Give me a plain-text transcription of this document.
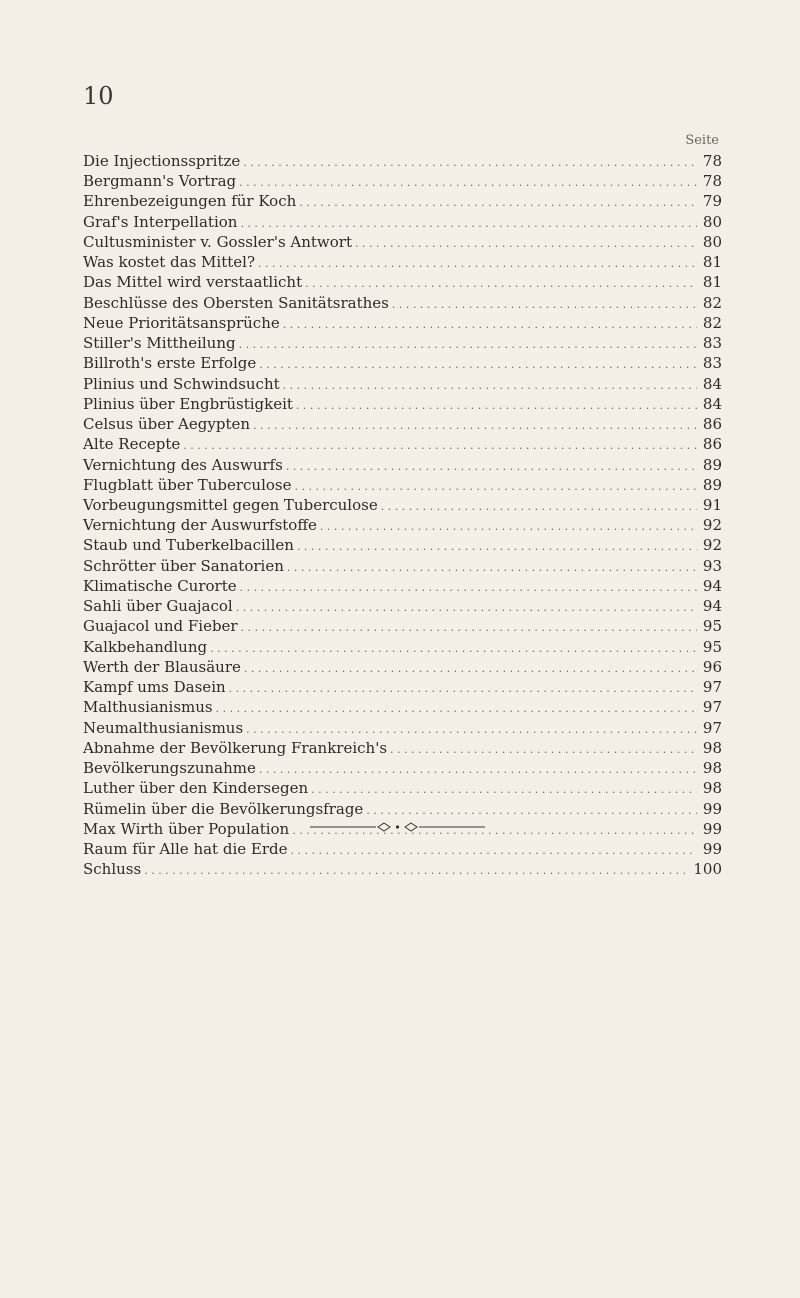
10
Seite
Die Injectionsspritze . . .	78
Bergmann's Vortrag . . .	78
Ehrenbezeigungen für Koch . . .	79
Graf's Interpellation . . .	80
Cultusminister v. Gossler's Antwort . . .	80
Was kostet das Mittel? . . .	81
Das Mittel wird verstaatlicht . . .	81
Beschlüsse des Obersten Sanitätsrathes . . .	82
Neue Prioritätsansprüche . . .	82
Stiller's Mittheilung . . .	83
Billroth's erste Erfolge . . .	83
Plinius und Schwindsucht . . .	84
Plinius über Engbrüstigkeit . . .	84
Celsus über Aegypten . . .	86
Alte Recepte . . .	86
Vernichtung des Auswurfs . . .	89
Flugblatt über Tuberculose . . .	89
Vorbeugungsmittel gegen Tuberculose . . .	91
Vernichtung der Auswurfstoffe . . .	92
Staub und Tuberkelbacillen . . .	92
Schrötter über Sanatorien . . .	93
Klimatische Curorte . . .	94
Sahli über Guajacol . . .	94
Guajacol und Fieber . . .	95
Kalkbehandlung . . .	95
Werth der Blausäure . . .	96
Kampf ums Dasein . . .	97
Malthusianismus . . .	97
Neumalthusianismus . . .	97
Abnahme der Bevölkerung Frankreich's . . .	98
Bevölkerungszunahme . . .	98
Luther über den Kindersegen . . .	98
Rümelin über die Bevölkerungsfrage . . .	99
Max Wirth über Population . . .	99
Raum für Alle hat die Erde . . .	99
Schluss . . .	100
